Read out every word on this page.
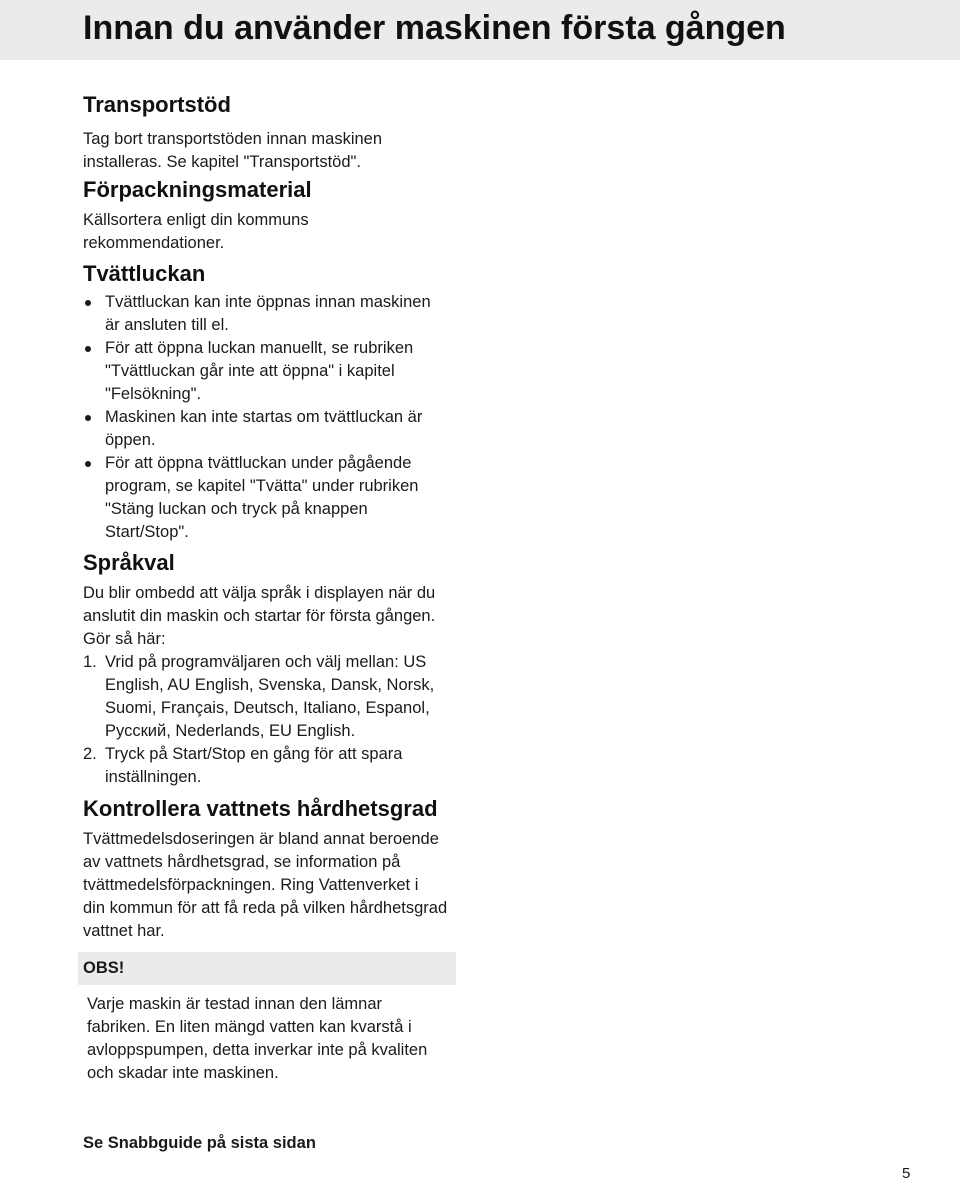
Innan du använder maskinen första gången
Transportstöd

Tag bort transportstöden innan maskinen

installeras. Se kapitel "Transportstöd".

Förpackningsmaterial

Källsortera enligt din kommuns

rekommendationer.

Tvättluckan
Tvättluckan kan inte öppnas innan maskinen
är ansluten till el.
För att öppna luckan manuellt, se rubriken
"Tvättluckan går inte att öppna" i kapitel
"Felsökning".
Maskinen kan inte startas om tvättluckan är
öppen.
För att öppna tvättluckan under pågående
program, se kapitel "Tvätta" under rubriken
"Stäng luckan och tryck på knappen
Start/Stop".
Språkval

Du blir ombedd att välja språk i displayen när du

anslutit din maskin och startar för första gången.

Gör så här:

1. Vrid på programväljaren och välj mellan: US
English, AU English, Svenska, Dansk, Norsk,
Suomi, Français, Deutsch, Italiano, Espanol,
Русский, Nederlands, EU English.
2. Tryck på Start/Stop en gång för att spara
inställningen.
Kontrollera vattnets hårdhetsgrad

Tvättmedelsdoseringen är bland annat beroende

av vattnets hårdhetsgrad, se information på

tvättmedelsförpackningen. Ring Vattenverket i

din kommun för att få reda på vilken hårdhetsgrad

vattnet har.

OBS!

Varje maskin är testad innan den lämnar

fabriken. En liten mängd vatten kan kvarstå i

avloppspumpen, detta inverkar inte på kvaliten

och skadar inte maskinen.

Se Snabbguide på sista sidan
5
